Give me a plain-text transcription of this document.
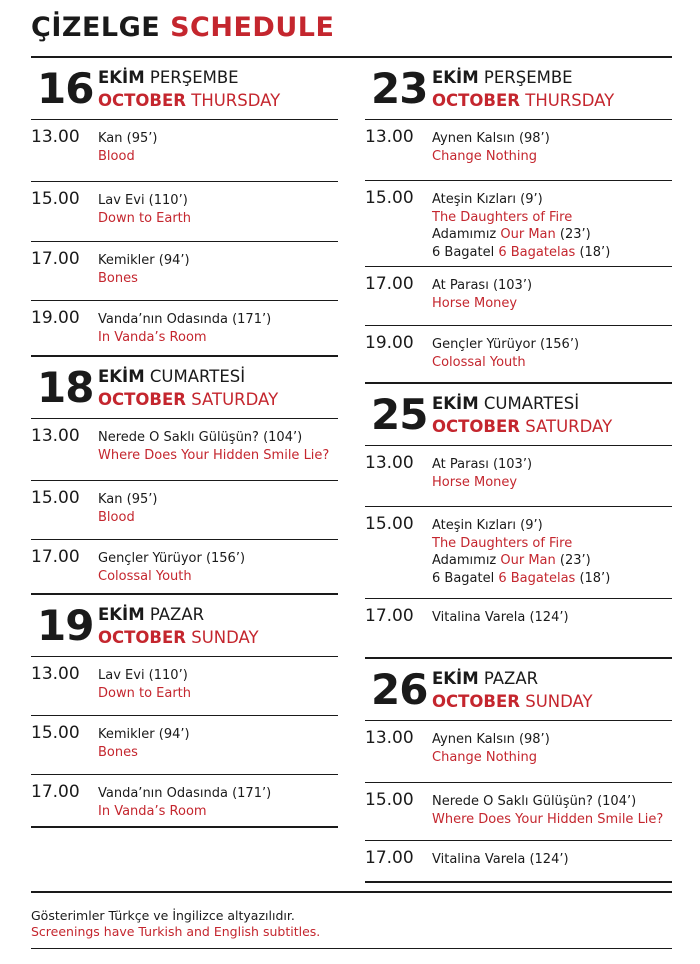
ÇİZELGE SCHEDULE
16 EKİM PERŞEMBE
OCTOBER THURSDAY
13.00 Kan (95’)
Blood
15.00 Lav Evi (110’)
Down to Earth
17.00 Kemikler (94’)
Bones
19.00 Vanda’nın Odasında (171’)
In Vanda’s Room
18 EKİM CUMARTESİ
OCTOBER SATURDAY
13.00 Nerede O Saklı Gülüşün? (104’)
Where Does Your Hidden Smile Lie?
15.00 Kan (95’)
Blood
17.00 Gençler Yürüyor (156’)
Colossal Youth
19 EKİM PAZAR
OCTOBER SUNDAY
13.00 Lav Evi (110’)
Down to Earth
15.00 Kemikler (94’)
Bones
17.00 Vanda’nın Odasında (171’)
In Vanda’s Room
23 EKİM PERŞEMBE
OCTOBER THURSDAY
13.00 Aynen Kalsın (98’)
Change Nothing
15.00 Ateşin Kızları (9’)
The Daughters of Fire
Adamımız Our Man (23’)
6 Bagatel 6 Bagatelas (18’)
17.00 At Parası (103’)
Horse Money
19.00 Gençler Yürüyor (156’)
Colossal Youth
25 EKİM CUMARTESİ
OCTOBER SATURDAY
13.00 At Parası (103’)
Horse Money
15.00 Ateşin Kızları (9’)
The Daughters of Fire
Adamımız Our Man (23’)
6 Bagatel 6 Bagatelas (18’)
17.00 Vitalina Varela (124’)
26 EKİM PAZAR
OCTOBER SUNDAY
13.00 Aynen Kalsın (98’)
Change Nothing
15.00 Nerede O Saklı Gülüşün? (104’)
Where Does Your Hidden Smile Lie?
17.00 Vitalina Varela (124’)
Gösterimler Türkçe ve İngilizce altyazılıdır.
Screenings have Turkish and English subtitles.
